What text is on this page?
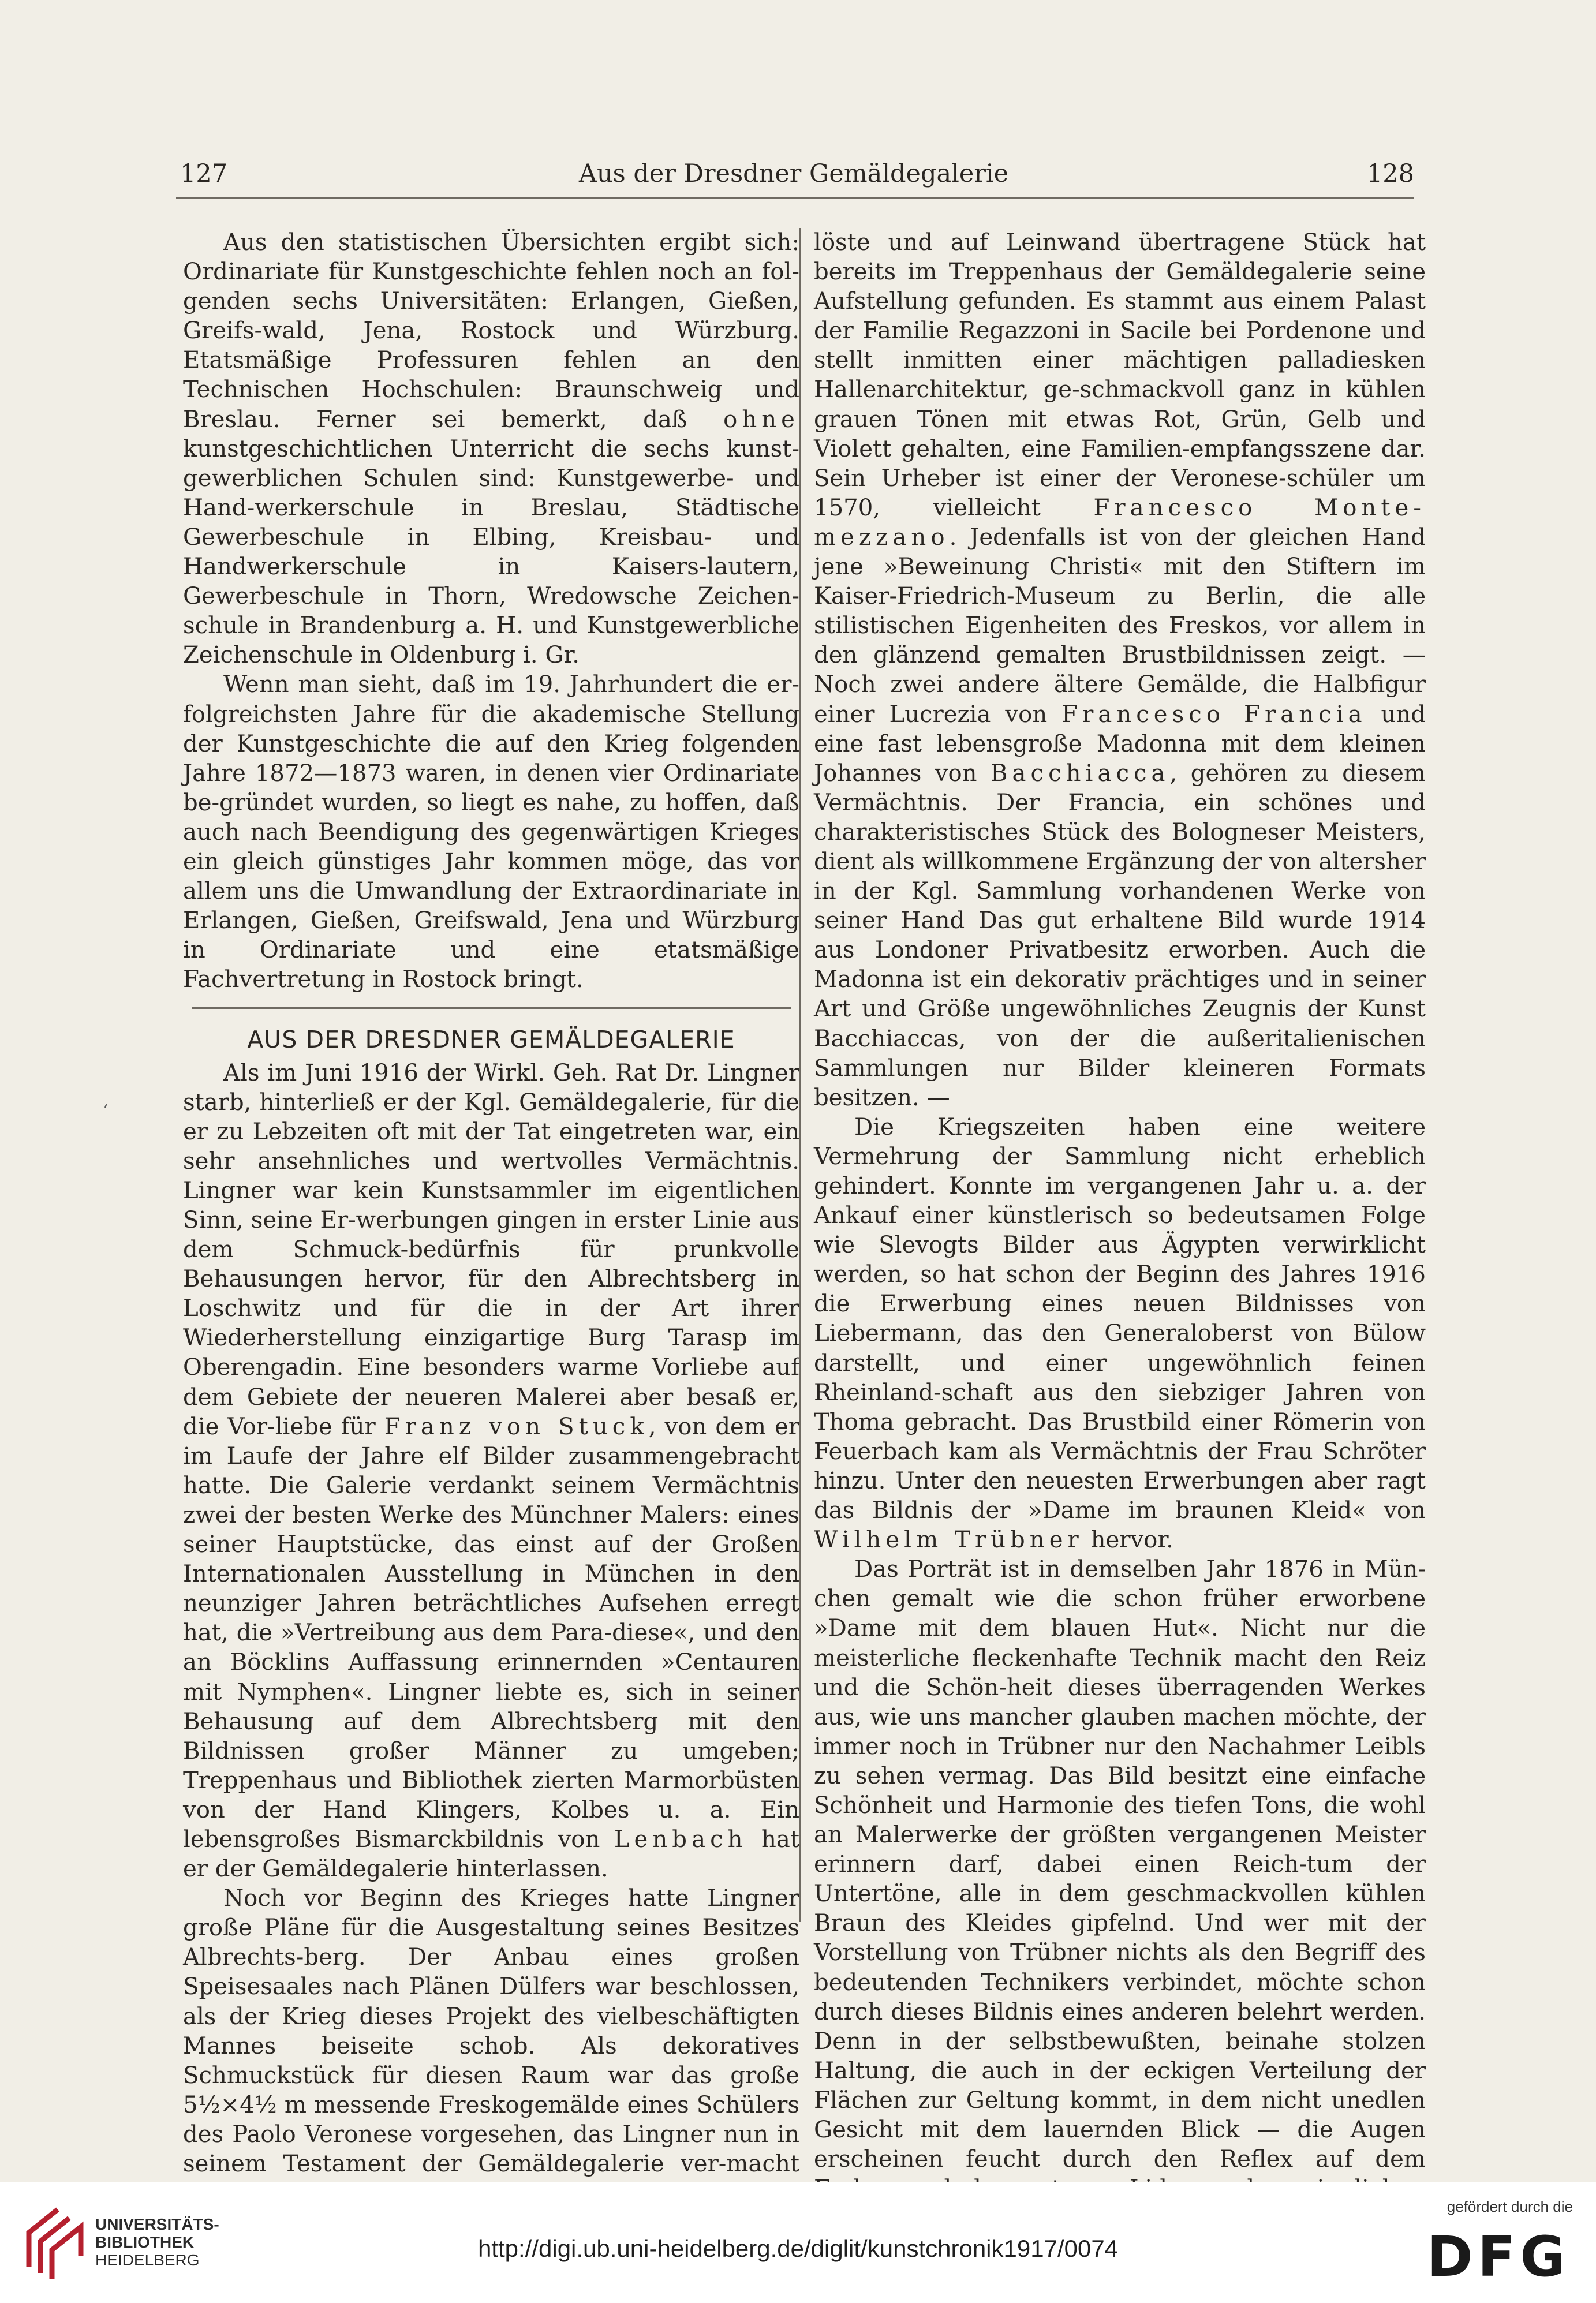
127	Aus der Dresdner Gemäldegalerie	128

Aus den statistischen Übersichten ergibt sich: Ordinariate für Kunstgeschichte fehlen noch an fol-genden sechs Universitäten: Erlangen, Gießen, Greifs-wald, Jena, Rostock und Würzburg. Etatsmäßige Professuren fehlen an den Technischen Hochschulen: Braunschweig und Breslau. Ferner sei bemerkt, daß ohne kunstgeschichtlichen Unterricht die sechs kunst-gewerblichen Schulen sind: Kunstgewerbe- und Hand-werkerschule in Breslau, Städtische Gewerbeschule in Elbing, Kreisbau- und Handwerkerschule in Kaisers-lautern, Gewerbeschule in Thorn, Wredowsche Zeichen-schule in Brandenburg a. H. und Kunstgewerbliche Zeichenschule in Oldenburg i. Gr.

Wenn man sieht, daß im 19. Jahrhundert die er-folgreichsten Jahre für die akademische Stellung der Kunstgeschichte die auf den Krieg folgenden Jahre 1872—1873 waren, in denen vier Ordinariate be-gründet wurden, so liegt es nahe, zu hoffen, daß auch nach Beendigung des gegenwärtigen Krieges ein gleich günstiges Jahr kommen möge, das vor allem uns die Umwandlung der Extraordinariate in Erlangen, Gießen, Greifswald, Jena und Würzburg in Ordinariate und eine etatsmäßige Fachvertretung in Rostock bringt.

AUS DER DRESDNER GEMÄLDEGALERIE

Als im Juni 1916 der Wirkl. Geh. Rat Dr. Lingner starb, hinterließ er der Kgl. Gemäldegalerie, für die er zu Lebzeiten oft mit der Tat eingetreten war, ein sehr ansehnliches und wertvolles Vermächtnis. Lingner war kein Kunstsammler im eigentlichen Sinn, seine Er-werbungen gingen in erster Linie aus dem Schmuck-bedürfnis für prunkvolle Behausungen hervor, für den Albrechtsberg in Loschwitz und für die in der Art ihrer Wiederherstellung einzigartige Burg Tarasp im Oberengadin. Eine besonders warme Vorliebe auf dem Gebiete der neueren Malerei aber besaß er, die Vor-liebe für Franz von Stuck, von dem er im Laufe der Jahre elf Bilder zusammengebracht hatte. Die Galerie verdankt seinem Vermächtnis zwei der besten Werke des Münchner Malers: eines seiner Hauptstücke, das einst auf der Großen Internationalen Ausstellung in München in den neunziger Jahren beträchtliches Aufsehen erregt hat, die »Vertreibung aus dem Para-diese«, und den an Böcklins Auffassung erinnernden »Centauren mit Nymphen«. Lingner liebte es, sich in seiner Behausung auf dem Albrechtsberg mit den Bildnissen großer Männer zu umgeben; Treppenhaus und Bibliothek zierten Marmorbüsten von der Hand Klingers, Kolbes u. a. Ein lebensgroßes Bismarckbildnis von Lenbach hat er der Gemäldegalerie hinterlassen.

Noch vor Beginn des Krieges hatte Lingner große Pläne für die Ausgestaltung seines Besitzes Albrechts-berg. Der Anbau eines großen Speisesaales nach Plänen Dülfers war beschlossen, als der Krieg dieses Projekt des vielbeschäftigten Mannes beiseite schob. Als dekoratives Schmuckstück für diesen Raum war das große 5½×4½ m messende Freskogemälde eines Schülers des Paolo Veronese vorgesehen, das Lingner nun in seinem Testament der Gemäldegalerie ver-macht

löste und auf Leinwand übertragene Stück hat bereits im Treppenhaus der Gemäldegalerie seine Aufstellung gefunden. Es stammt aus einem Palast der Familie Regazzoni in Sacile bei Pordenone und stellt inmitten einer mächtigen palladiesken Hallenarchitektur, ge-schmackvoll ganz in kühlen grauen Tönen mit etwas Rot, Grün, Gelb und Violett gehalten, eine Familien-empfangsszene dar. Sein Urheber ist einer der Veronese-schüler um 1570, vielleicht Francesco Monte-mezzano. Jedenfalls ist von der gleichen Hand jene »Beweinung Christi« mit den Stiftern im Kaiser-Friedrich-Museum zu Berlin, die alle stilistischen Eigenheiten des Freskos, vor allem in den glänzend gemalten Brustbildnissen zeigt. — Noch zwei andere ältere Gemälde, die Halbfigur einer Lucrezia von Francesco Francia und eine fast lebensgroße Madonna mit dem kleinen Johannes von Bacchiacca, gehören zu diesem Vermächtnis. Der Francia, ein schönes und charakteristisches Stück des Bologneser Meisters, dient als willkommene Ergänzung der von altersher in der Kgl. Sammlung vorhandenen Werke von seiner Hand Das gut erhaltene Bild wurde 1914 aus Londoner Privatbesitz erworben. Auch die Madonna ist ein dekorativ prächtiges und in seiner Art und Größe ungewöhnliches Zeugnis der Kunst Bacchiaccas, von der die außeritalienischen Sammlungen nur Bilder kleineren Formats besitzen. —

Die Kriegszeiten haben eine weitere Vermehrung der Sammlung nicht erheblich gehindert. Konnte im vergangenen Jahr u. a. der Ankauf einer künstlerisch so bedeutsamen Folge wie Slevogts Bilder aus Ägypten verwirklicht werden, so hat schon der Beginn des Jahres 1916 die Erwerbung eines neuen Bildnisses von Liebermann, das den Generaloberst von Bülow darstellt, und einer ungewöhnlich feinen Rheinland-schaft aus den siebziger Jahren von Thoma gebracht. Das Brustbild einer Römerin von Feuerbach kam als Vermächtnis der Frau Schröter hinzu. Unter den neuesten Erwerbungen aber ragt das Bildnis der »Dame im braunen Kleid« von Wilhelm Trübner hervor.

Das Porträt ist in demselben Jahr 1876 in Mün-chen gemalt wie die schon früher erworbene »Dame mit dem blauen Hut«. Nicht nur die meisterliche fleckenhafte Technik macht den Reiz und die Schön-heit dieses überragenden Werkes aus, wie uns mancher glauben machen möchte, der immer noch in Trübner nur den Nachahmer Leibls zu sehen vermag. Das Bild besitzt eine einfache Schönheit und Harmonie des tiefen Tons, die wohl an Malerwerke der größten vergangenen Meister erinnern darf, dabei einen Reich-tum der Untertöne, alle in dem geschmackvollen kühlen Braun des Kleides gipfelnd. Und wer mit der Vorstellung von Trübner nichts als den Begriff des bedeutenden Technikers verbindet, möchte schon durch dieses Bildnis eines anderen belehrt werden. Denn in der selbstbewußten, beinahe stolzen Haltung, die auch in der eckigen Verteilung der Flächen zur Geltung kommt, in dem nicht unedlen Gesicht mit dem lauernden Blick — die Augen erscheinen feucht durch den Reflex auf dem

ʻ
UNIVERSITÄTS-
BIBLIOTHEK
HEIDELBERG	http://digi.ub.uni-heidelberg.de/diglit/kunstchronik1917/0074
gefördert durch die
DFG
